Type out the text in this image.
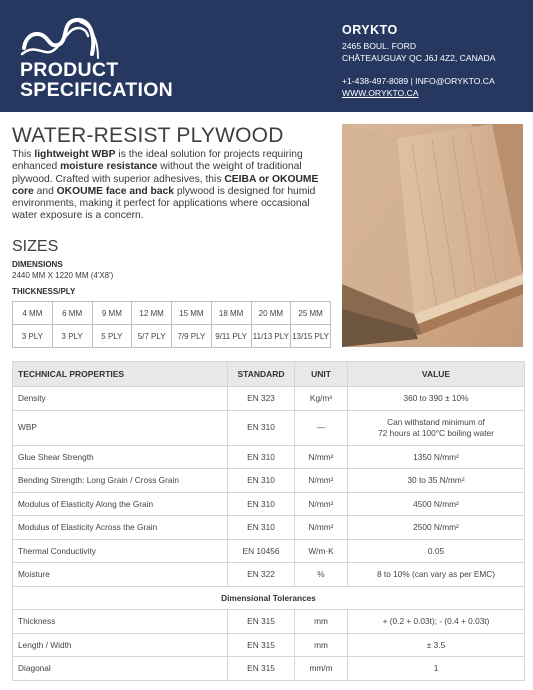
PRODUCT
SPECIFICATION
ORYKTO
2465 BOUL. FORD
CHÂTEAUGUAY QC J6J 4Z2, CANADA
+1-438-497-8089 | INFO@ORYKTO.CA
WWW.ORYKTO.CA
WATER-RESIST PLYWOOD
This lightweight WBP is the ideal solution for projects requiring enhanced moisture resistance without the weight of traditional plywood. Crafted with superior adhesives, this CEIBA or OKOUME core and OKOUME face and back plywood is designed for humid environments, making it perfect for applications where occasional water exposure is a concern.
SIZES
DIMENSIONS
2440 MM X 1220 MM (4'X8')
THICKNESS/PLY
4 MM	6 MM	9 MM	12 MM	15 MM	18 MM	20 MM	25 MM
3 PLY	3 PLY	5 PLY	5/7 PLY	7/9 PLY	9/11 PLY	11/13 PLY	13/15 PLY
TECHNICAL PROPERTIES	STANDARD	UNIT	VALUE
Density	EN 323	Kg/m³	360 to 390 ± 10%
WBP	EN 310	—	Can withstand minimum of
72 hours at 100°C boiling water

Glue Shear Strength	EN 310	N/mm²	1350 N/mm²
Bending Strength: Long Grain / Cross Grain	EN 310	N/mm²	30 to 35 N/mm²
Modulus of Elasticity Along the Grain	EN 310	N/mm²	4500 N/mm²
Modulus of Elasticity Across the Grain	EN 310	N/mm²	2500 N/mm²
Thermal Conductivity	EN 10456	W/m·K	0.05
Moisture	EN 322	%	8 to 10% (can vary as per EMC)
Dimensional Tolerances			
Thickness	EN 315	mm	+ (0.2 + 0.03t); - (0.4 + 0.03t)
Length / Width	EN 315	mm	± 3.5
Diagonal	EN 315	mm/m	1
